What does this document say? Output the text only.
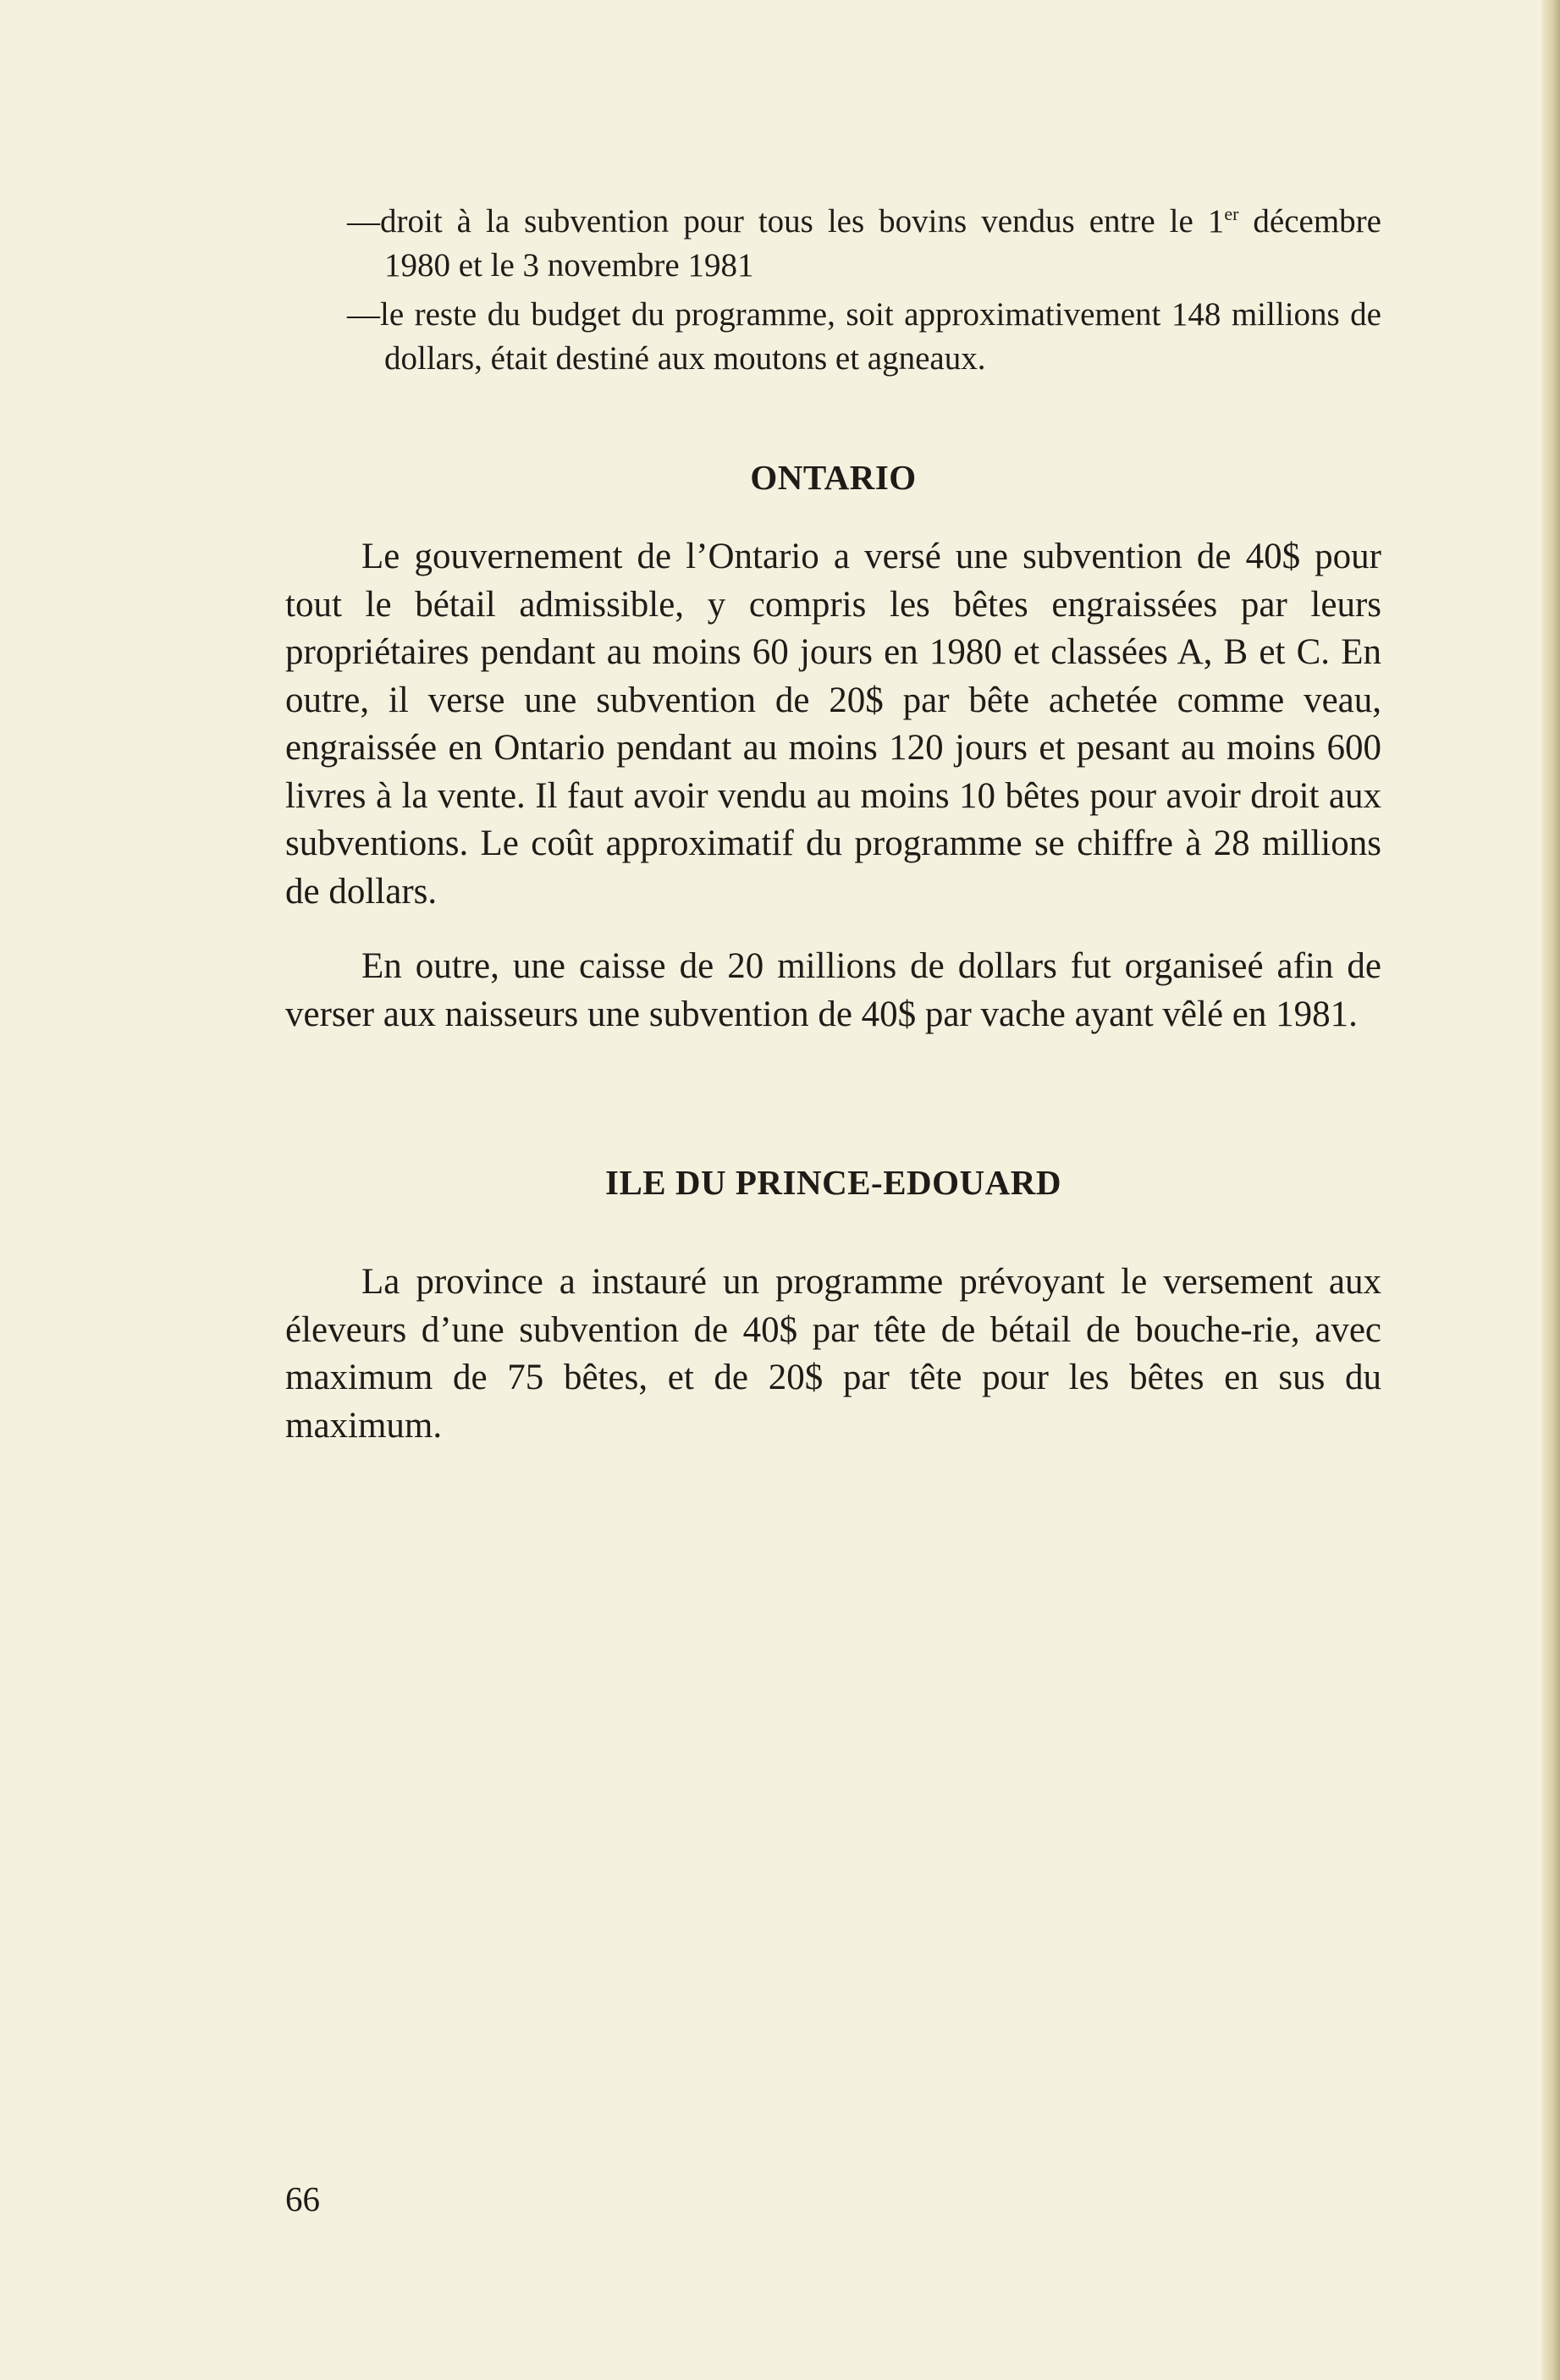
—droit à la subvention pour tous les bovins vendus entre le 1er décembre 1980 et le 3 novembre 1981

—le reste du budget du programme, soit approximativement 148 millions de dollars, était destiné aux moutons et agneaux.

ONTARIO

Le gouvernement de l’Ontario a versé une subvention de 40$ pour tout le bétail admissible, y compris les bêtes engraissées par leurs propriétaires pendant au moins 60 jours en 1980 et classées A, B et C. En outre, il verse une subvention de 20$ par bête achetée comme veau, engraissée en Ontario pendant au moins 120 jours et pesant au moins 600 livres à la vente. Il faut avoir vendu au moins 10 bêtes pour avoir droit aux subventions. Le coût approximatif du programme se chiffre à 28 millions de dollars.

En outre, une caisse de 20 millions de dollars fut organiseé afin de verser aux naisseurs une subvention de 40$ par vache ayant vêlé en 1981.

ILE DU PRINCE-EDOUARD

La province a instauré un programme prévoyant le versement aux éleveurs d’une subvention de 40$ par tête de bétail de bouche-rie, avec maximum de 75 bêtes, et de 20$ par tête pour les bêtes en sus du maximum.

66
